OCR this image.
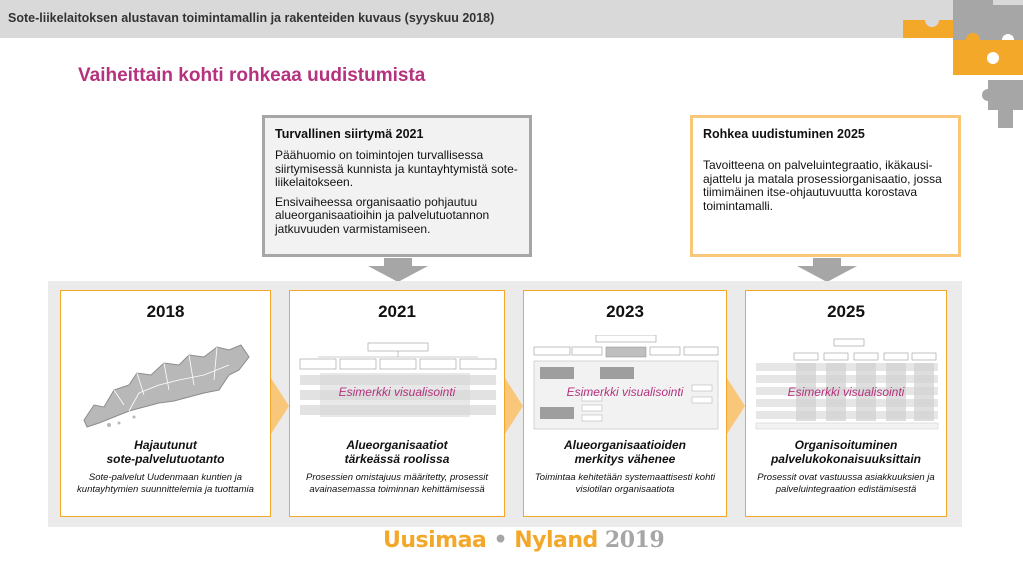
Sote-liikelaitoksen alustavan toimintamallin ja rakenteiden kuvaus (syyskuu 2018)
Vaiheittain kohti rohkeaa uudistumista
Turvallinen siirtymä 2021
Päähuomio on toimintojen turvallisessa siirtymisessä kunnista ja kuntayhtymistä sote-liikelaitokseen.
Ensivaiheessa organisaatio pohjautuu alueorganisaatioihin ja palvelutuotannon jatkuvuuden varmistamiseen.
Rohkea uudistuminen 2025
Tavoitteena on palveluintegraatio, ikäkausi-ajattelu ja matala prosessiorganisaatio, jossa tiimimäinen itse-ohjautuvuutta korostava toimintamalli.
2018
Hajautunut
sote-palvelutuotanto
Sote-palvelut Uudenmaan kuntien ja kuntayhtymien suunnittelemia ja tuottamia
2021
Esimerkki visualisointi
Alueorganisaatiot
tärkeässä roolissa
Prosessien omistajuus määritetty, prosessit avainasemassa toiminnan kehittämisessä
2023
Esimerkki visualisointi
Alueorganisaatioiden
merkitys vähenee
Toimintaa kehitetään systemaattisesti kohti visiotilan organisaatiota
2025
Esimerkki visualisointi
Organisoituminen
palvelukokonaisuuksittain
Prosessit ovat vastuussa asiakkuuksien ja palveluintegraation edistämisestä
Uusimaa • Nyland 2019
